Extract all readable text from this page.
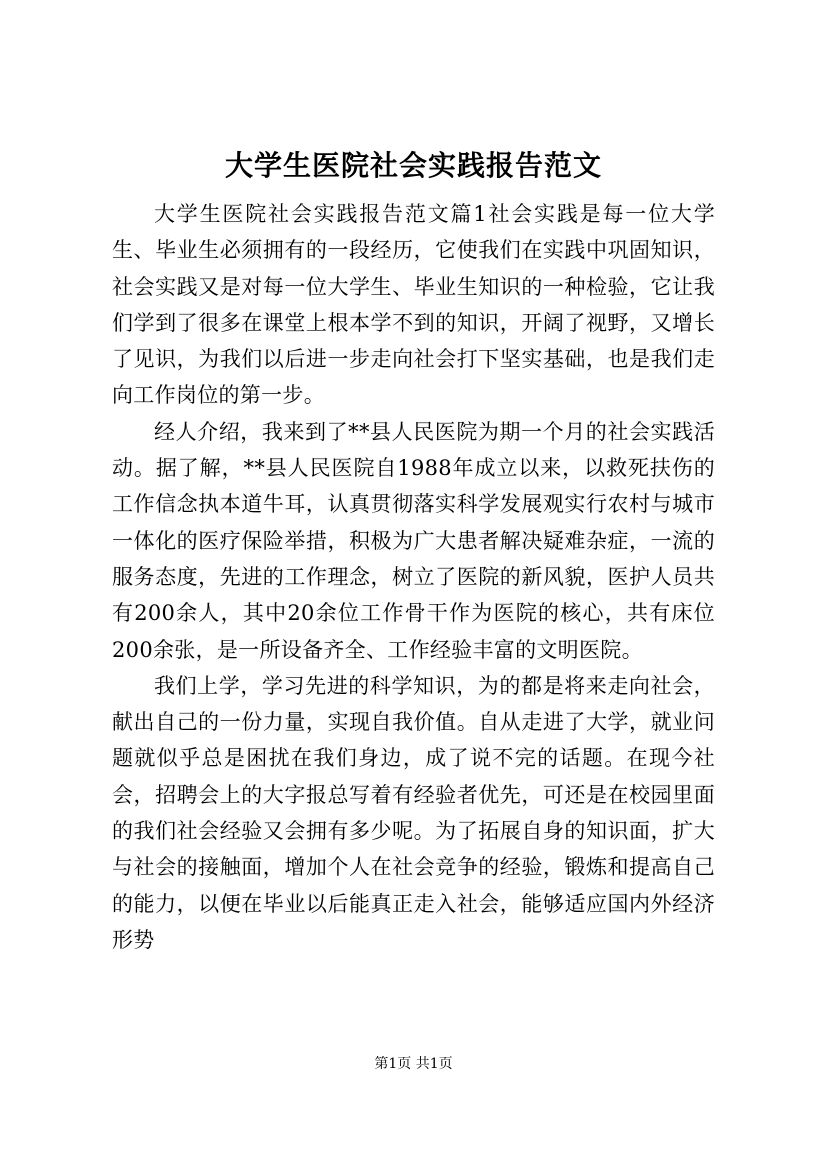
大学生医院社会实践报告范文

大学生医院社会实践报告范文篇1社会实践是每一位大学生、毕业生必须拥有的一段经历，它使我们在实践中巩固知识，社会实践又是对每一位大学生、毕业生知识的一种检验，它让我们学到了很多在课堂上根本学不到的知识，开阔了视野，又增长了见识，为我们以后进一步走向社会打下坚实基础，也是我们走向工作岗位的第一步。

经人介绍，我来到了**县人民医院为期一个月的社会实践活动。据了解，**县人民医院自1988年成立以来，以救死扶伤的工作信念执本道牛耳，认真贯彻落实科学发展观实行农村与城市一体化的医疗保险举措，积极为广大患者解决疑难杂症，一流的服务态度，先进的工作理念，树立了医院的新风貌，医护人员共有200余人，其中20余位工作骨干作为医院的核心，共有床位200余张，是一所设备齐全、工作经验丰富的文明医院。

我们上学，学习先进的科学知识，为的都是将来走向社会，献出自己的一份力量，实现自我价值。自从走进了大学，就业问题就似乎总是困扰在我们身边，成了说不完的话题。在现今社会，招聘会上的大字报总写着有经验者优先，可还是在校园里面的我们社会经验又会拥有多少呢。为了拓展自身的知识面，扩大与社会的接触面，增加个人在社会竞争的经验，锻炼和提高自己的能力，以便在毕业以后能真正走入社会，能够适应国内外经济形势

第1页 共1页
